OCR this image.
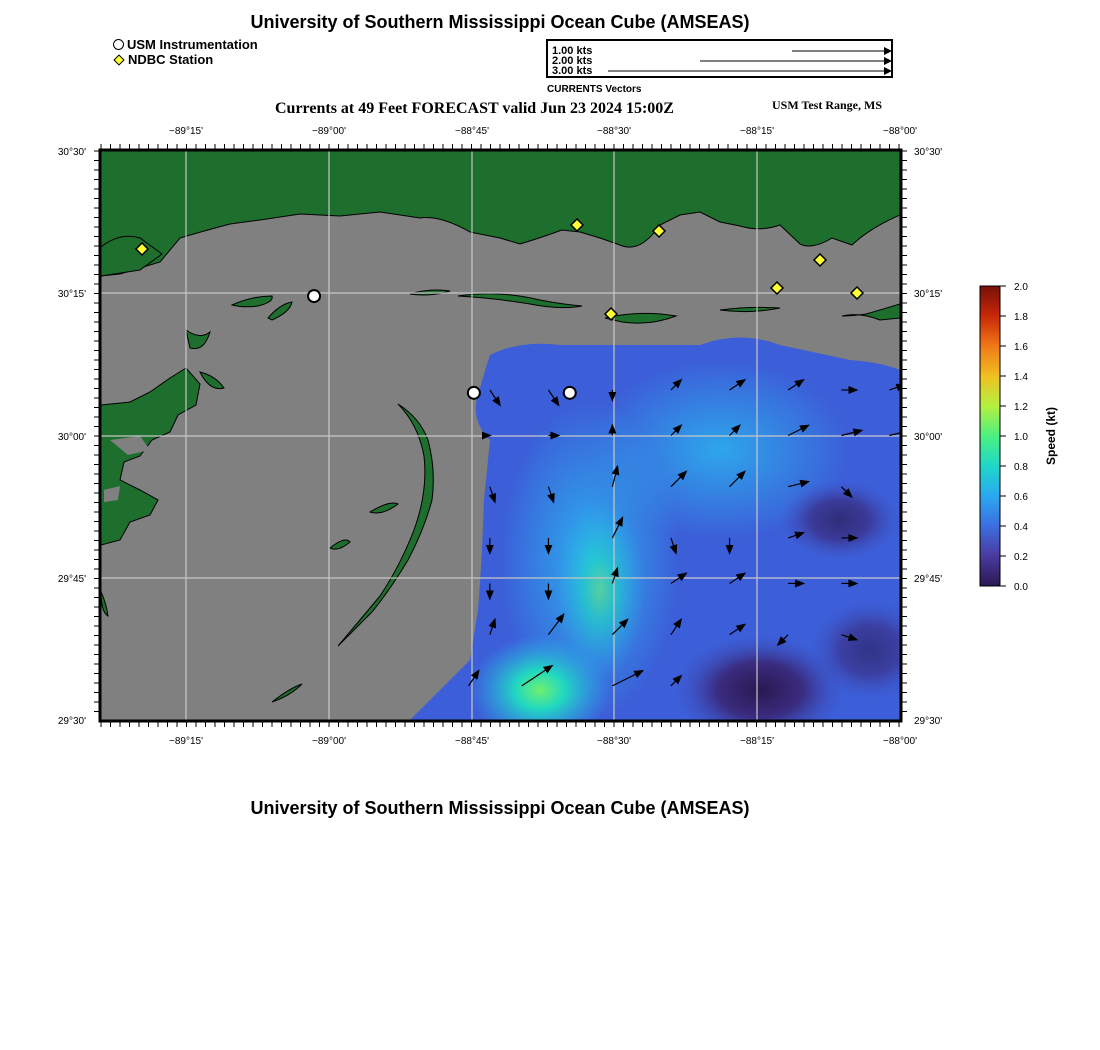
University of Southern Mississippi Ocean Cube (AMSEAS)
USM Instrumentation
NDBC Station
1.00 kts
2.00 kts
3.00 kts
CURRENTS Vectors
Currents at 49 Feet FORECAST valid Jun 23 2024 15:00Z	USM Test Range, MS
−89°15'	−89°00'	−88°45'	−88°30'	−88°15'	−88°00'
−89°15'	−89°00'	−88°45'	−88°30'	−88°15'	−88°00'
30°30'
30°15'
30°00'
29°45'
29°30'
30°30'
30°15'
30°00'
29°45'
29°30'
2.0
1.8
1.6
1.4
1.2
1.0
0.8
0.6
0.4
0.2
0.0
Speed (kt)
University of Southern Mississippi Ocean Cube (AMSEAS)
